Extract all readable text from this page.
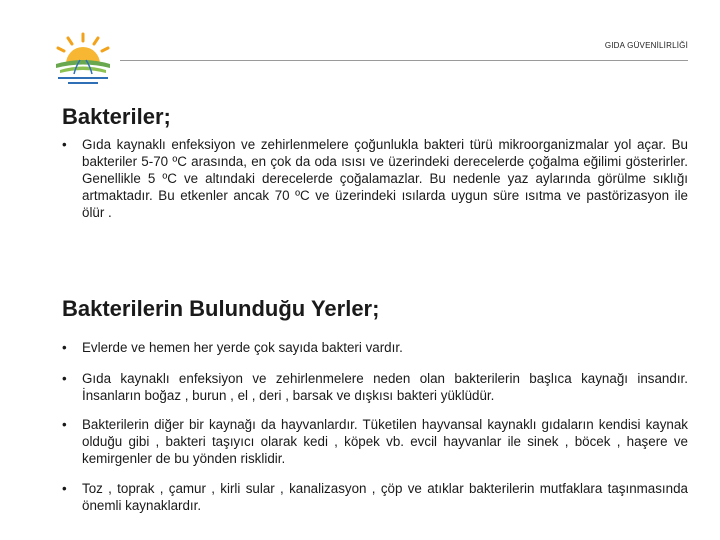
GIDA GÜVENİLİRLİĞİ
Bakteriler;
•	Gıda kaynaklı enfeksiyon ve zehirlenmelere çoğunlukla bakteri türü mikroorganizmalar yol açar. Bu bakteriler 5-70 ºC arasında, en çok da oda ısısı ve üzerindeki derecelerde çoğalma eğilimi gösterirler. Genellikle 5 ºC ve altındaki derecelerde çoğalamazlar. Bu nedenle yaz aylarında görülme sıklığı artmaktadır. Bu etkenler ancak 70 ºC ve üzerindeki ısılarda uygun süre ısıtma ve pastörizasyon ile ölür .
Bakterilerin Bulunduğu Yerler;
•	Evlerde ve hemen her yerde çok sayıda bakteri vardır.
•	Gıda kaynaklı enfeksiyon ve zehirlenmelere neden olan bakterilerin başlıca kaynağı insandır. İnsanların boğaz , burun , el , deri , barsak ve dışkısı bakteri yüklüdür.
•	Bakterilerin diğer bir kaynağı da hayvanlardır. Tüketilen hayvansal kaynaklı gıdaların kendisi kaynak olduğu gibi , bakteri taşıyıcı olarak kedi , köpek vb. evcil hayvanlar ile sinek , böcek , haşere ve kemirgenler de bu yönden risklidir.
•	Toz , toprak , çamur , kirli sular , kanalizasyon , çöp ve atıklar bakterilerin mutfaklara taşınmasında önemli kaynaklardır.
